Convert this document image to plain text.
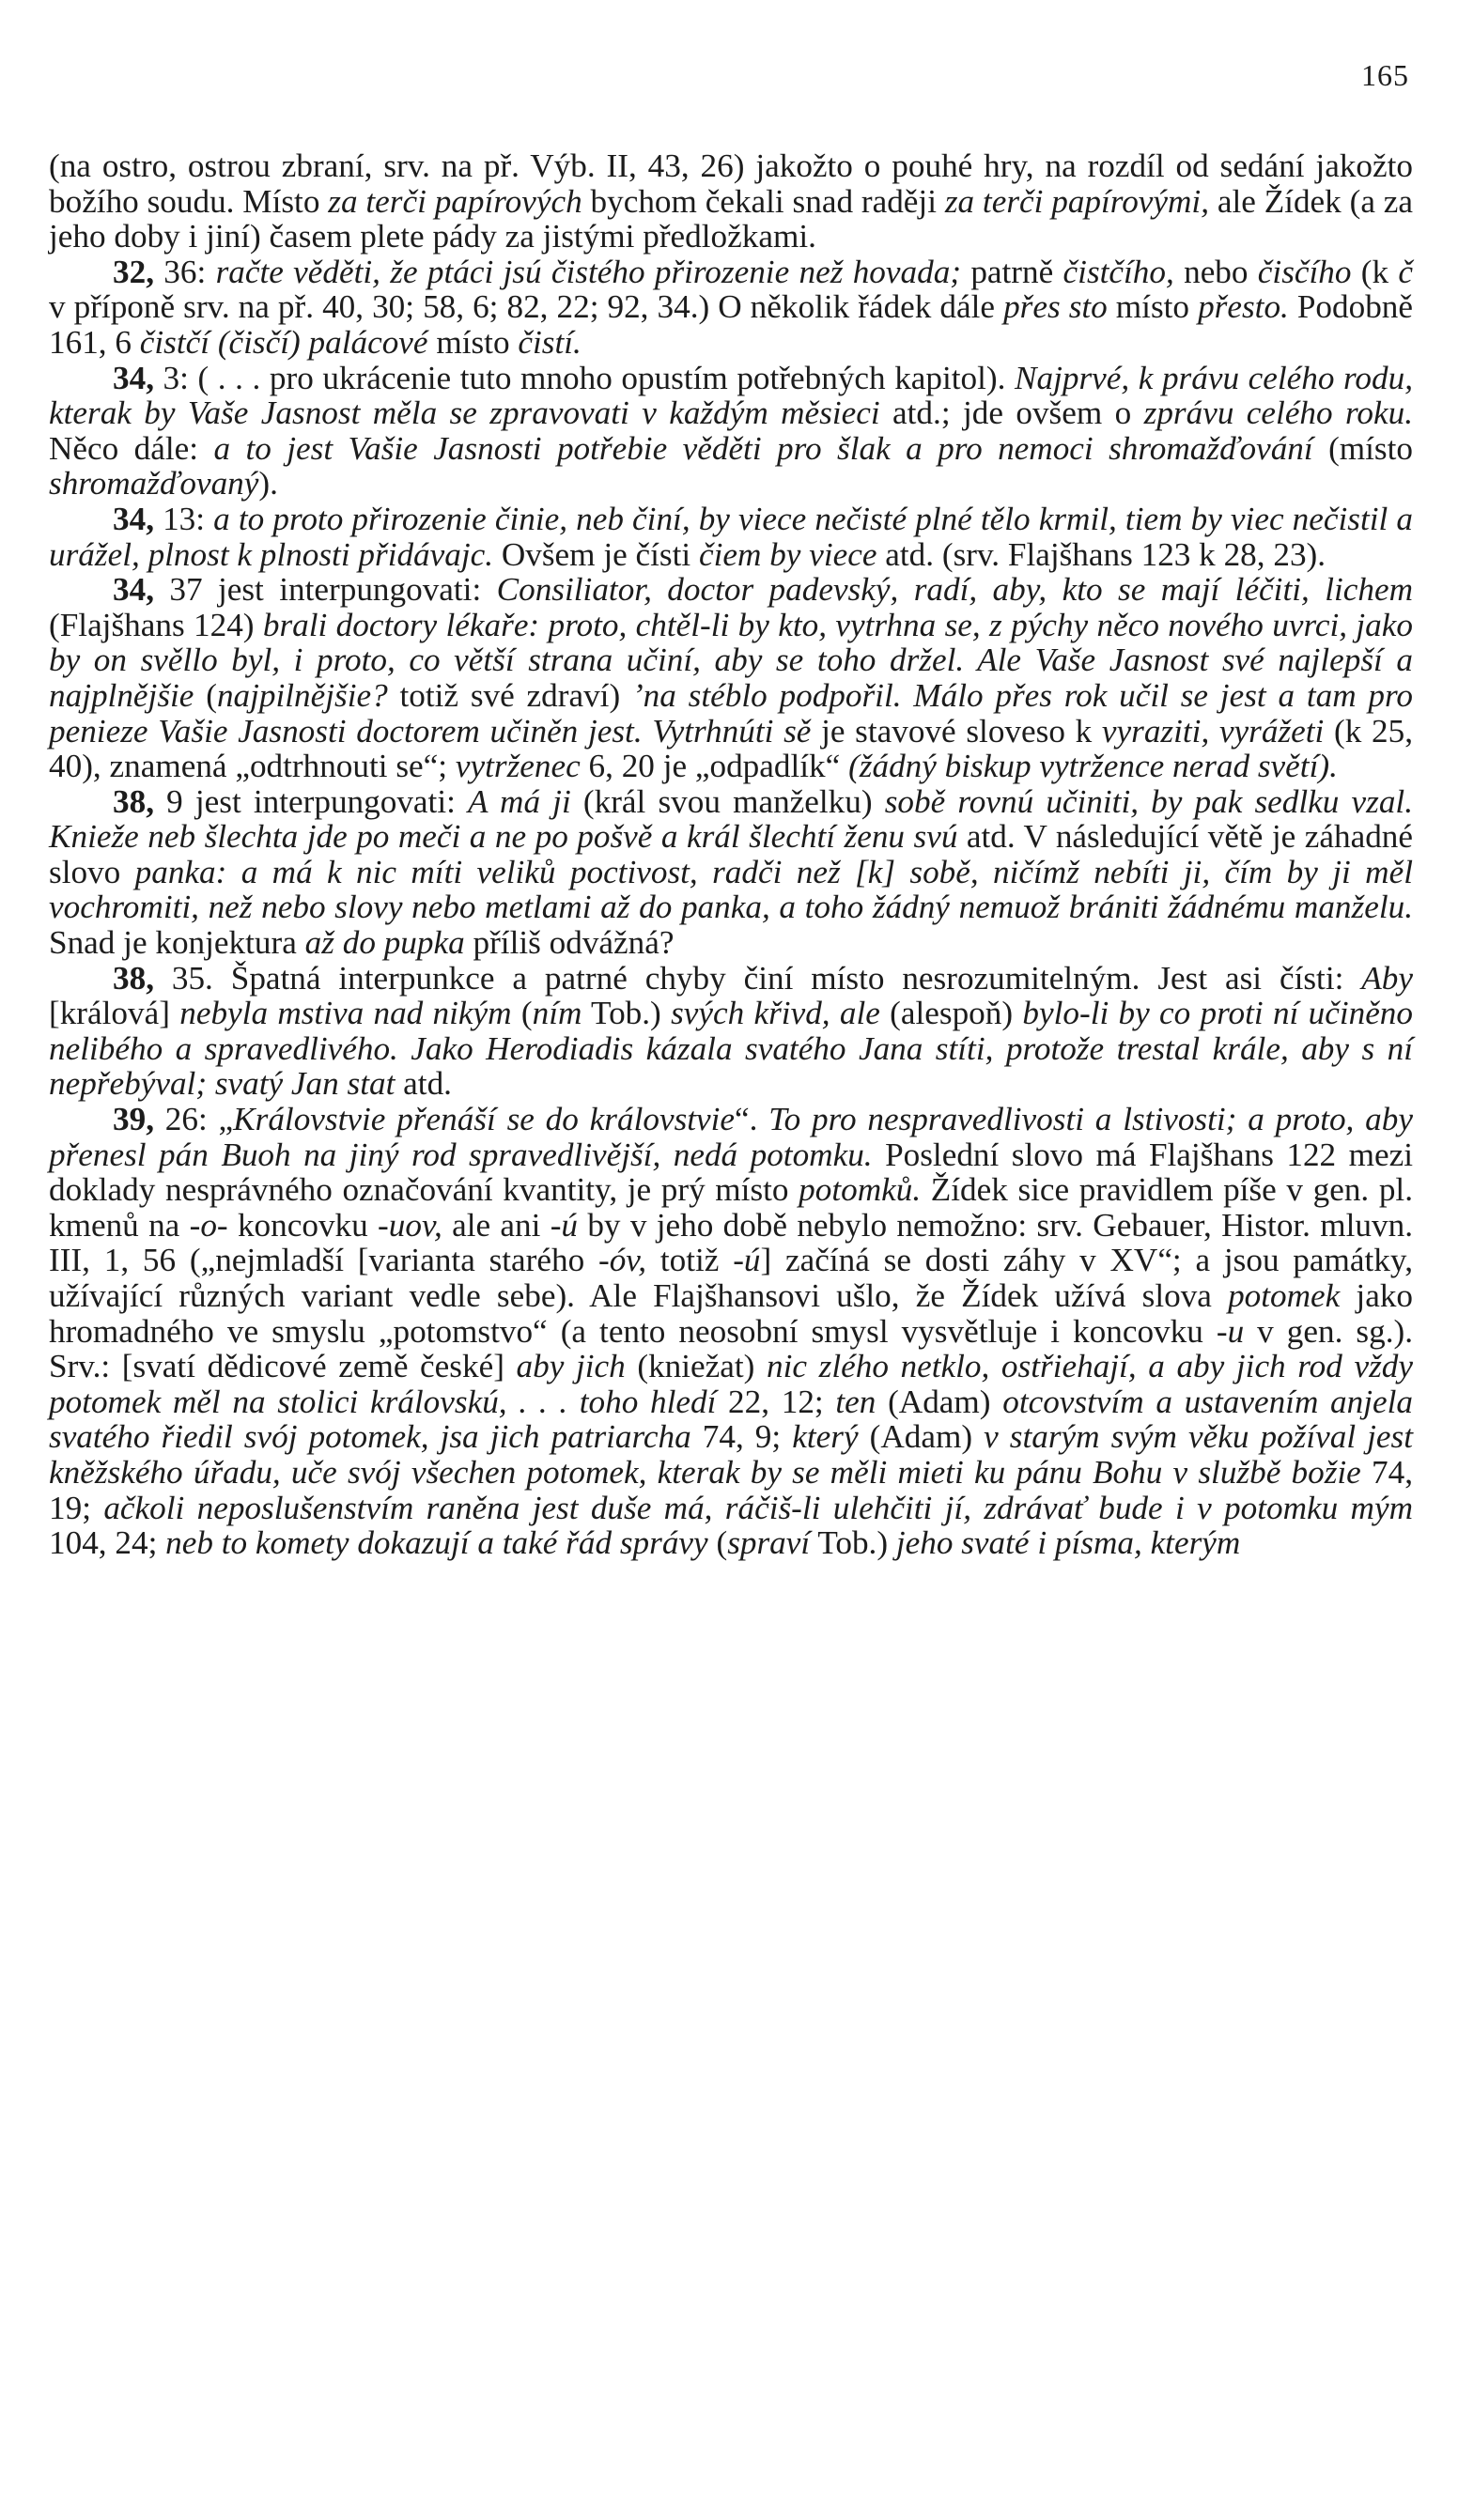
165

(na ostro, ostrou zbraní, srv. na př. Výb. II, 43, 26) jakožto o pouhé hry, na rozdíl od sedání jakožto božího soudu. Místo za terči papírových bychom čekali snad raději za terči papírovými, ale Žídek (a za jeho doby i jiní) časem plete pády za jistými předložkami.

32, 36: račte věděti, že ptáci jsú čistého přirozenie než hovada; patrně čistčího, nebo čisčího (k č v příponě srv. na př. 40, 30; 58, 6; 82, 22; 92, 34.) O několik řádek dále přes sto místo přesto. Podobně 161, 6 čistčí (čisčí) palácové místo čistí.

34, 3: ( . . . pro ukrácenie tuto mnoho opustím potřebných kapitol). Najprvé, k právu celého rodu, kterak by Vaše Jasnost měla se zpravovati v každým měsieci atd.; jde ovšem o zprávu celého roku. Něco dále: a to jest Vašie Jasnosti potřebie věděti pro šlak a pro nemoci shromažďování (místo shromažďovaný).

34, 13: a to proto přirozenie činie, neb činí, by viece nečisté plné tělo krmil, tiem by viec nečistil a urážel, plnost k plnosti přidávajc. Ovšem je čísti čiem by viece atd. (srv. Flajšhans 123 k 28, 23).

34, 37 jest interpungovati: Consiliator, doctor padevský, radí, aby, kto se mají léčiti, lichem (Flajšhans 124) brali doctory lékaře: proto, chtěl-li by kto, vytrhna se, z pýchy něco nového uvrci, jako by on svěllo byl, i proto, co větší strana učiní, aby se toho držel. Ale Vaše Jasnost své najlepší a najplnějšie (najpilnějšie? totiž své zdraví) ʼna stéblo podpořil. Málo přes rok učil se jest a tam pro penieze Vašie Jasnosti doctorem učiněn jest. Vytrhnúti sě je stavové sloveso k vyraziti, vyrážeti (k 25, 40), znamená „odtrhnouti se“; vytrženec 6, 20 je „odpadlík“ (žádný biskup vytržence nerad světí).

38, 9 jest interpungovati: A má ji (král svou manželku) sobě rovnú učiniti, by pak sedlku vzal. Knieže neb šlechta jde po meči a ne po pošvě a král šlechtí ženu svú atd. V následující větě je záhadné slovo panka: a má k nic míti veliků poctivost, radči než [k] sobě, ničímž nebíti ji, čím by ji měl vochromiti, než nebo slovy nebo metlami až do panka, a toho žádný nemuož brániti žádnému manželu. Snad je konjektura až do pupka příliš odvážná?

38, 35. Špatná interpunkce a patrné chyby činí místo nesrozumitelným. Jest asi čísti: Aby [králová] nebyla mstiva nad nikým (ním Tob.) svých křivd, ale (alespoň) bylo-li by co proti ní učiněno nelibého a spravedlivého. Jako Herodiadis kázala svatého Jana stíti, protože trestal krále, aby s ní nepřebýval; svatý Jan stat atd.

39, 26: „Královstvie přenáší se do královstvie“. To pro nespravedlivosti a lstivosti; a proto, aby přenesl pán Buoh na jiný rod spravedlivější, nedá potomku. Poslední slovo má Flajšhans 122 mezi doklady nesprávného označování kvantity, je prý místo potomků. Žídek sice pravidlem píše v gen. pl. kmenů na -o- koncovku -uov, ale ani -ú by v jeho době nebylo nemožno: srv. Gebauer, Histor. mluvn. III, 1, 56 („nejmladší [varianta starého -óv, totiž -ú] začíná se dosti záhy v XV“; a jsou památky, užívající různých variant vedle sebe). Ale Flajšhansovi ušlo, že Žídek užívá slova potomek jako hromadného ve smyslu „potomstvo“ (a tento neosobní smysl vysvětluje i koncovku -u v gen. sg.). Srv.: [svatí dědicové země české] aby jich (kniežat) nic zlého netklo, ostřiehají, a aby jich rod vždy potomek měl na stolici královskú, . . . toho hledí 22, 12; ten (Adam) otcovstvím a ustavením anjela svatého řiedil svój potomek, jsa jich patriarcha 74, 9; který (Adam) v starým svým věku požíval jest kněžského úřadu, uče svój všechen potomek, kterak by se měli mieti ku pánu Bohu v službě božie 74, 19; ačkoli neposlušenstvím raněna jest duše má, ráčiš-li ulehčiti jí, zdrávať bude i v potomku mým 104, 24; neb to komety dokazují a také řád správy (spraví Tob.) jeho svaté i písma, kterým
